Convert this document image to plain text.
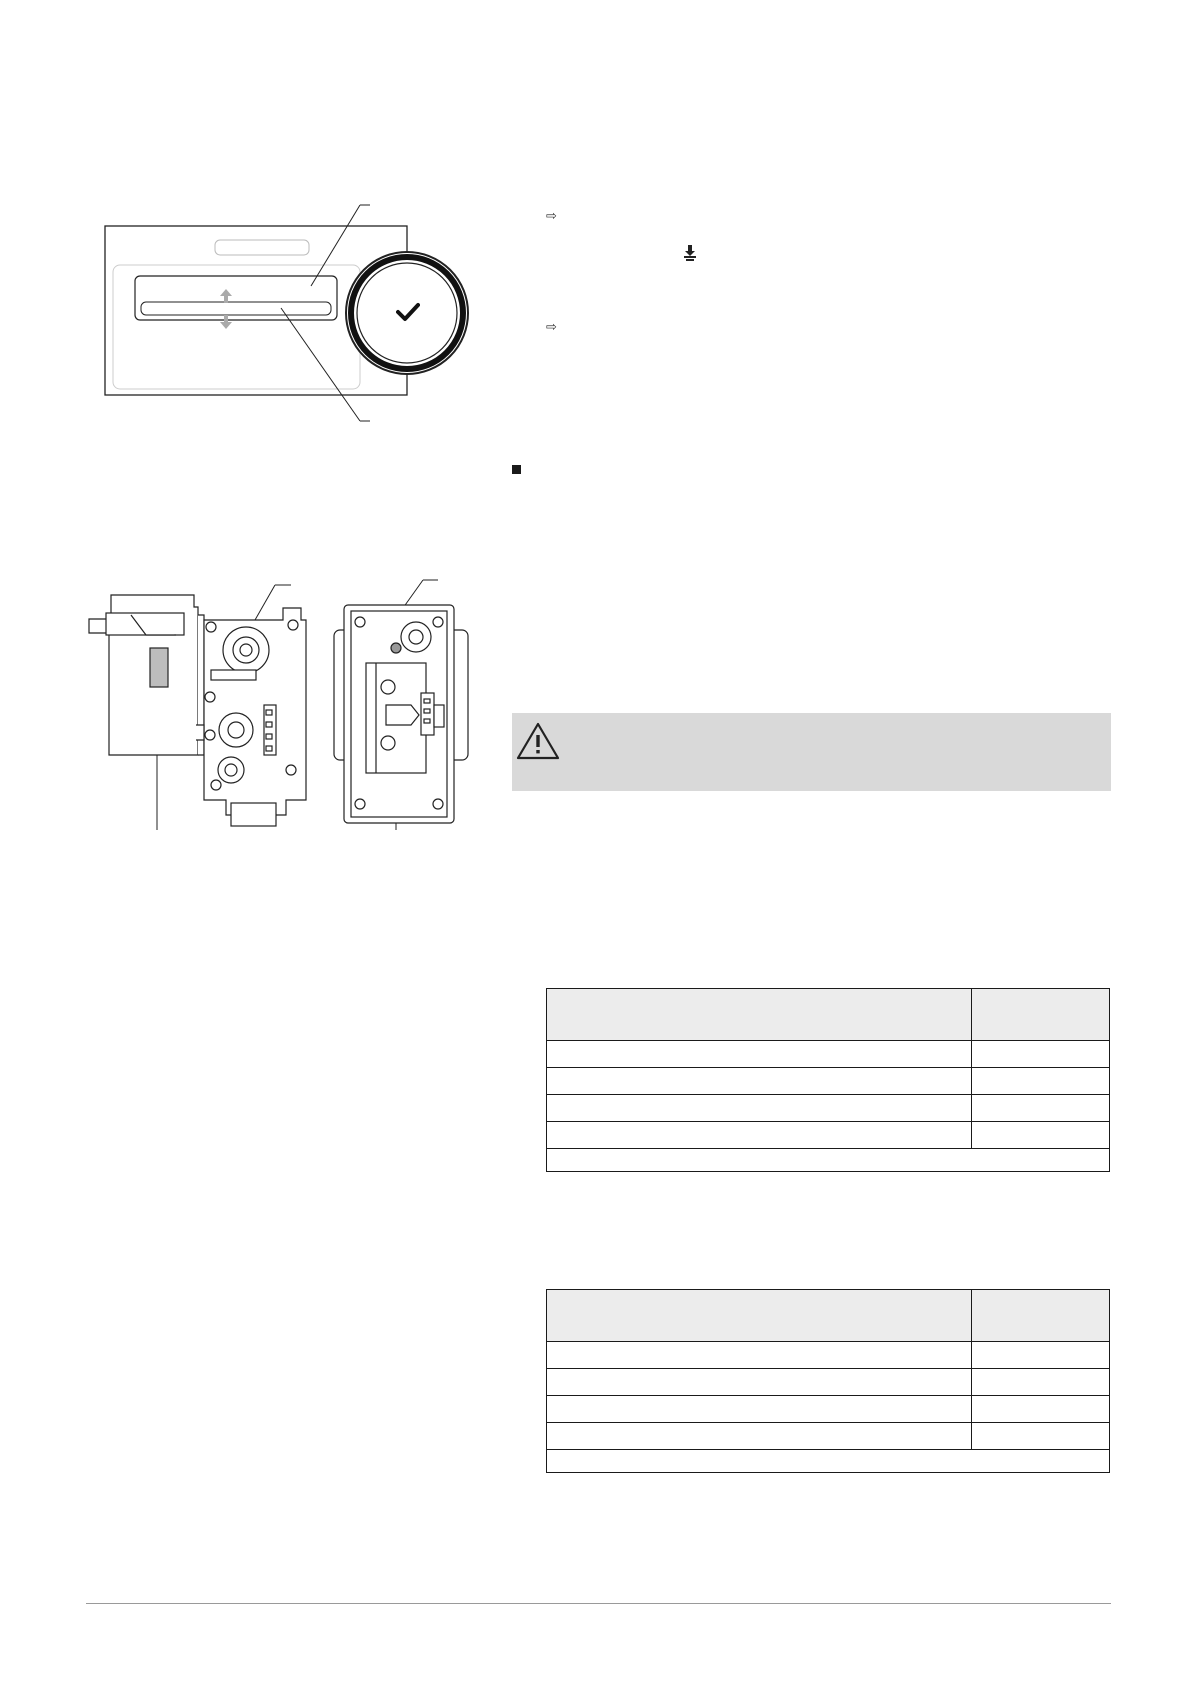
⇨
⇨
